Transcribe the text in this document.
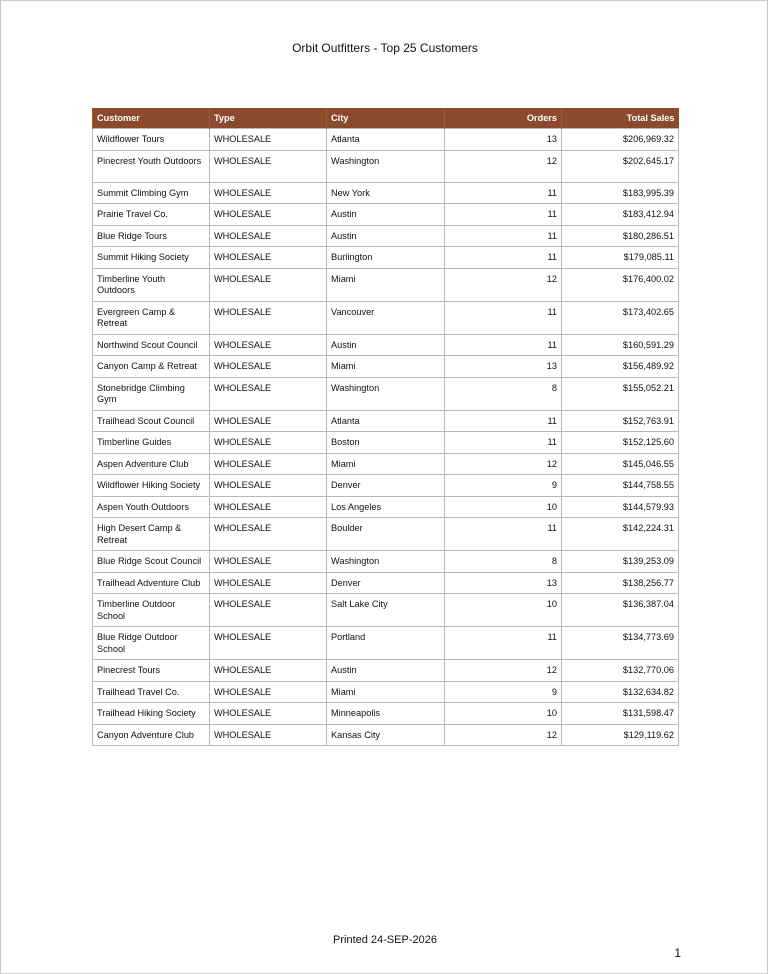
Orbit Outfitters - Top 25 Customers
Customer	Type	City	Orders	Total Sales
Wildflower Tours	WHOLESALE	Atlanta	13	$206,969.32
Pinecrest Youth Outdoors	WHOLESALE	Washington	12	$202,645.17
Summit Climbing Gym	WHOLESALE	New York	11	$183,995.39
Prairie Travel Co.	WHOLESALE	Austin	11	$183,412.94
Blue Ridge Tours	WHOLESALE	Austin	11	$180,286.51
Summit Hiking Society	WHOLESALE	Burlington	11	$179,085.11
Timberline Youth Outdoors	WHOLESALE	Miami	12	$176,400.02
Evergreen Camp & Retreat	WHOLESALE	Vancouver	11	$173,402.65
Northwind Scout Council	WHOLESALE	Austin	11	$160,591.29
Canyon Camp & Retreat	WHOLESALE	Miami	13	$156,489.92
Stonebridge Climbing Gym	WHOLESALE	Washington	8	$155,052.21
Trailhead Scout Council	WHOLESALE	Atlanta	11	$152,763.91
Timberline Guides	WHOLESALE	Boston	11	$152,125.60
Aspen Adventure Club	WHOLESALE	Miami	12	$145,046.55
Wildflower Hiking Society	WHOLESALE	Denver	9	$144,758.55
Aspen Youth Outdoors	WHOLESALE	Los Angeles	10	$144,579.93
High Desert Camp & Retreat	WHOLESALE	Boulder	11	$142,224.31
Blue Ridge Scout Council	WHOLESALE	Washington	8	$139,253.09
Trailhead Adventure Club	WHOLESALE	Denver	13	$138,256.77
Timberline Outdoor School	WHOLESALE	Salt Lake City	10	$136,387.04
Blue Ridge Outdoor School	WHOLESALE	Portland	11	$134,773.69
Pinecrest Tours	WHOLESALE	Austin	12	$132,770.06
Trailhead Travel Co.	WHOLESALE	Miami	9	$132,634.82
Trailhead Hiking Society	WHOLESALE	Minneapolis	10	$131,598.47
Canyon Adventure Club	WHOLESALE	Kansas City	12	$129,119.62
Printed 24-SEP-2026
1
